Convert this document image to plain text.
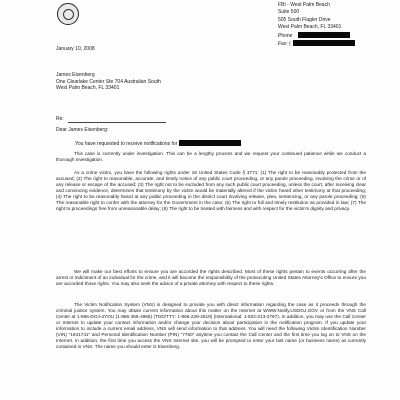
FBI - West Palm Beach
Suite 500
505 South Flagler Drive
West Palm Beach, FL 33401
Phone
Fax: (
January 10, 2008
James Eisenberg
One Clearlake Center Ste 704 Australian South
West Palm Beach, FL 33401
Re:
Dear James Eisenberg:
You have requested to receive notifications for
This case is currently under investigation. This can be a lengthy process and we request your continued patience while we conduct a thorough investigation.
As a crime victim, you have the following rights under 18 United States Code § 3771: (1) The right to be reasonably protected from the accused; (2) The right to reasonable, accurate, and timely notice of any public court proceeding, or any parole proceeding, involving the crime or of any release or escape of the accused; (3) The right not to be excluded from any such public court proceeding, unless the court, after receiving clear and convincing evidence, determines that testimony by the victim would be materially altered if the victim heard other testimony at that proceeding; (4) The right to be reasonably heard at any public proceeding in the district court involving release, plea, sentencing, or any parole proceeding; (5) The reasonable right to confer with the attorney for the Government in the case; (6) The right to full and timely restitution as provided in law; (7) The right to proceedings free from unreasonable delay; (8) The right to be treated with fairness and with respect for the victim's dignity and privacy.
We will make our best efforts to ensure you are accorded the rights described. Most of these rights pertain to events occurring after the arrest or indictment of an individual for the crime, and it will become the responsibility of the prosecuting United States Attorney's Office to ensure you are accorded those rights. You may also seek the advice of a private attorney with respect to these rights.
The Victim Notification System (VNS) is designed to provide you with direct information regarding the case as it proceeds through the criminal justice system. You may obtain current information about this matter on the Internet at WWW.Notify.USDOJ.GOV or from the VNS Call Center at 1-866-DOJ-4YOU (1-866-365-4968) (TDD/TTY: 1-866-228-4619) (International: 1-502-213-2767). In addition, you may use the Call Center or Internet to update your contact information and/or change your decision about participation in the notification program. If you update your information to include a current email address, VNS will send information to that address. You will need the following Victim Identification Number (VIN) "1941741" and Personal Identification Number (PIN) "7760" anytime you contact the Call Center and the first time you log on to VNS on the Internet. In addition, the first time you access the VNS Internet site, you will be prompted to enter your last name (or business name) as currently contained in VNS. The name you should enter is Eisenberg.
